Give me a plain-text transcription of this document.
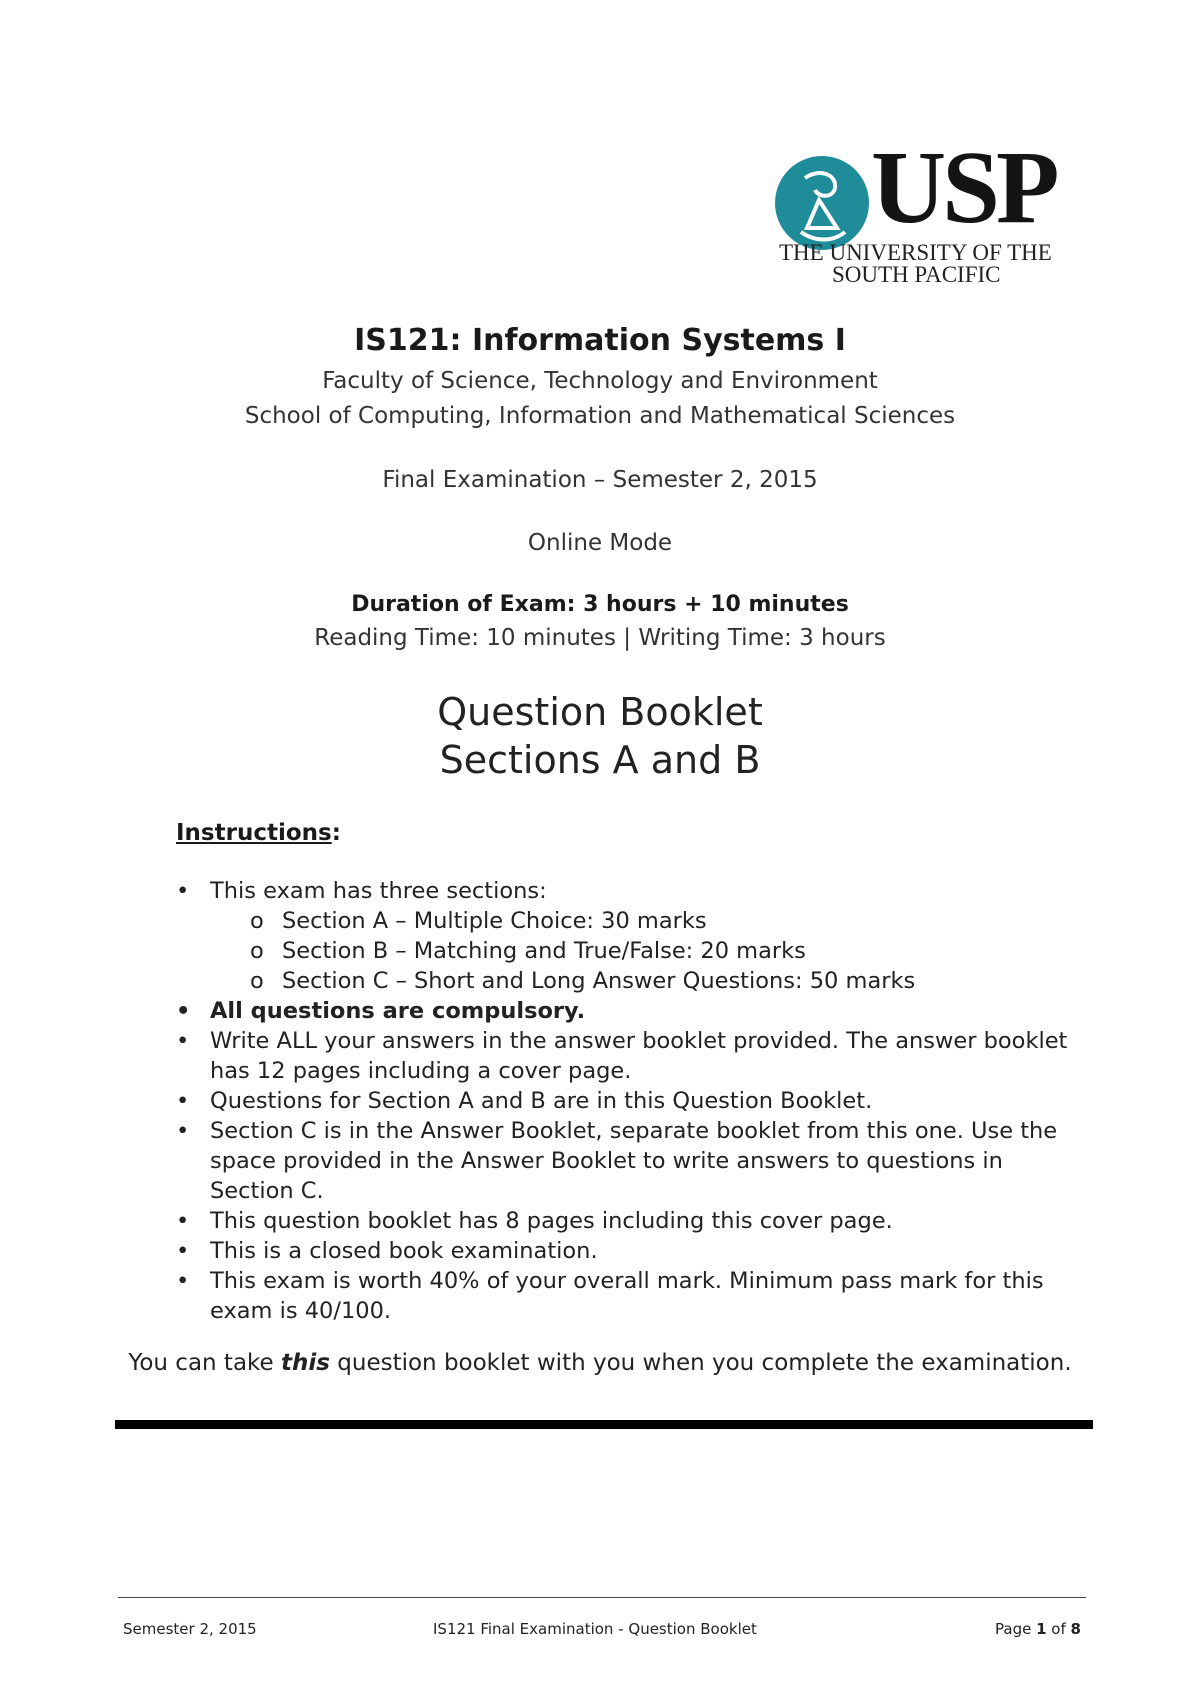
USP
THE UNIVERSITY OF THE
SOUTH PACIFIC
IS121: Information Systems I
Faculty of Science, Technology and Environment
School of Computing, Information and Mathematical Sciences
Final Examination – Semester 2, 2015
Online Mode
Duration of Exam: 3 hours + 10 minutes
Reading Time: 10 minutes | Writing Time: 3 hours
Question Booklet
Sections A and B
Instructions:
• This exam has three sections:
o Section A – Multiple Choice: 30 marks
o Section B – Matching and True/False: 20 marks
o Section C – Short and Long Answer Questions: 50 marks
• All questions are compulsory.
• Write ALL your answers in the answer booklet provided. The answer booklet has 12 pages including a cover page.
• Questions for Section A and B are in this Question Booklet.
• Section C is in the Answer Booklet, separate booklet from this one. Use the space provided in the Answer Booklet to write answers to questions in Section C.
• This question booklet has 8 pages including this cover page.
• This is a closed book examination.
• This exam is worth 40% of your overall mark. Minimum pass mark for this exam is 40/100.
You can take this question booklet with you when you complete the examination.
Semester 2, 2015	IS121 Final Examination - Question Booklet	Page 1 of 8
